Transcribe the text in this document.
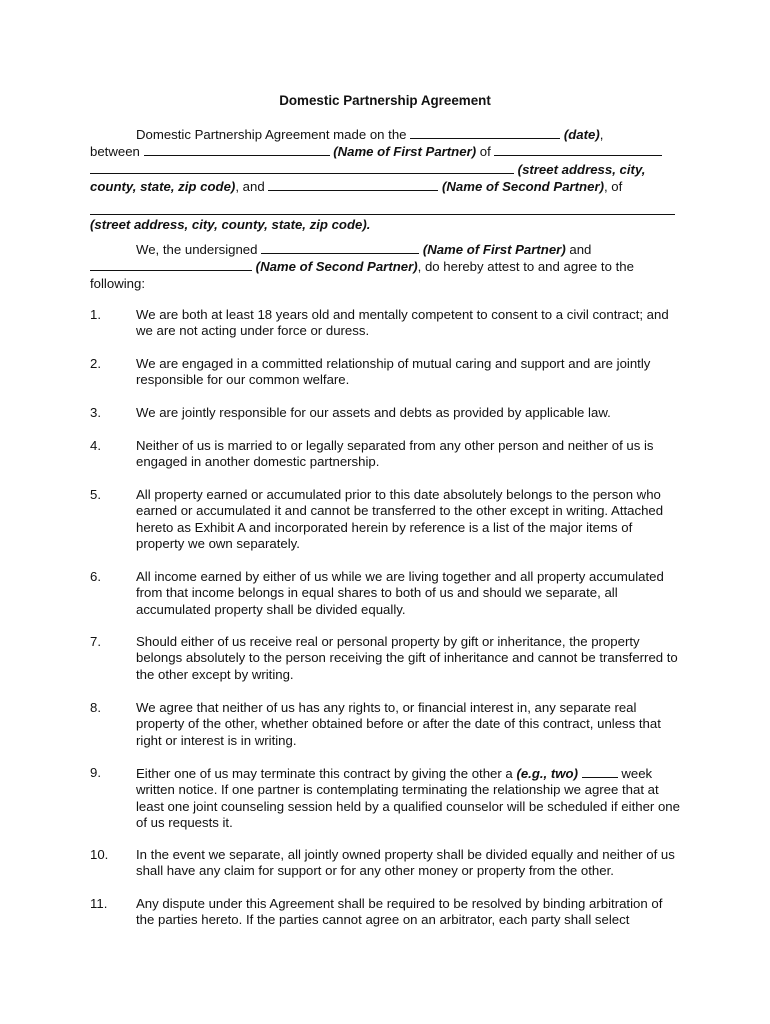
Domestic Partnership Agreement
Domestic Partnership Agreement made on the	(date),
between	(Name of First Partner) of
(street address, city,
county, state, zip code), and	(Name of Second Partner), of
(street address, city, county, state, zip code).
We, the undersigned	(Name of First Partner) and
(Name of Second Partner), do hereby attest to and agree to the
following:
1.	We are both at least 18 years old and mentally competent to consent to a civil contract; and we are not acting under force or duress.
2.	We are engaged in a committed relationship of mutual caring and support and are jointly responsible for our common welfare.
3.	We are jointly responsible for our assets and debts as provided by applicable law.
4.	Neither of us is married to or legally separated from any other person and neither of us is engaged in another domestic partnership.
5.	All property earned or accumulated prior to this date absolutely belongs to the person who earned or accumulated it and cannot be transferred to the other except in writing. Attached hereto as Exhibit A and incorporated herein by reference is a list of the major items of property we own separately.
6.	All income earned by either of us while we are living together and all property accumulated from that income belongs in equal shares to both of us and should we separate, all accumulated property shall be divided equally.
7.	Should either of us receive real or personal property by gift or inheritance, the property belongs absolutely to the person receiving the gift of inheritance and cannot be transferred to the other except by writing.
8.	We agree that neither of us has any rights to, or financial interest in, any separate real property of the other, whether obtained before or after the date of this contract, unless that right or interest is in writing.
9.	Either one of us may terminate this contract by giving the other a (e.g., two)	week written notice. If one partner is contemplating terminating the relationship we agree that at least one joint counseling session held by a qualified counselor will be scheduled if either one of us requests it.
10.	In the event we separate, all jointly owned property shall be divided equally and neither of us shall have any claim for support or for any other money or property from the other.
11.	Any dispute under this Agreement shall be required to be resolved by binding arbitration of the parties hereto. If the parties cannot agree on an arbitrator, each party shall select
